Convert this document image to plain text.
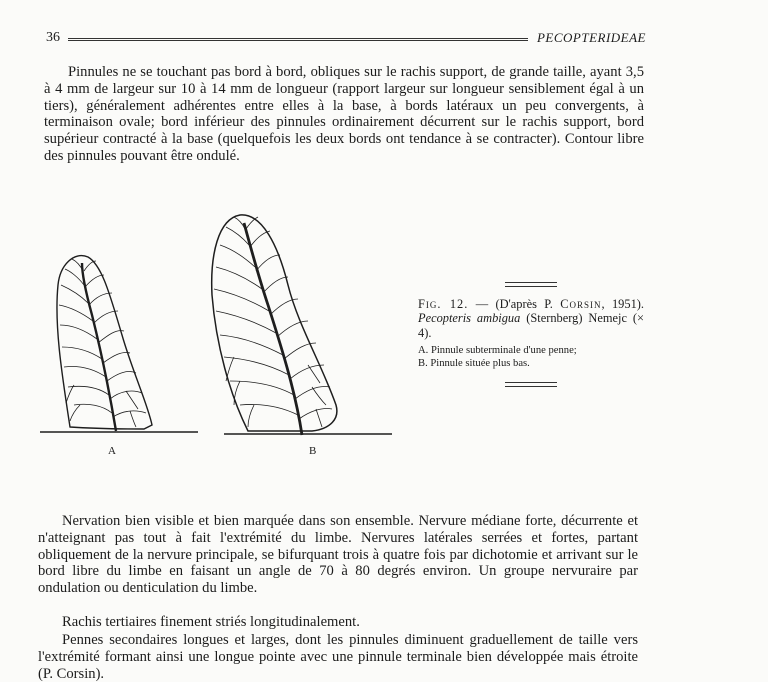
36	PECOPTERIDEAE

Pinnules ne se touchant pas bord à bord, obliques sur le rachis support, de grande taille, ayant 3,5 à 4 mm de largeur sur 10 à 14 mm de longueur (rapport largeur sur longueur sensiblement égal à un tiers), généralement adhérentes entre elles à la base, à bords latéraux un peu convergents, à terminaison ovale; bord inférieur des pinnules ordinairement décurrent sur le rachis support, bord supérieur contracté à la base (quelquefois les deux bords ont tendance à se contracter). Contour libre des pinnules pouvant être ondulé.

A	B
Fig. 12. — (D'après P. Corsin, 1951). Pecopteris ambigua (Sternberg) Nemejc (× 4).
A. Pinnule subterminale d'une penne;
B. Pinnule située plus bas.

Nervation bien visible et bien marquée dans son ensemble. Nervure médiane forte, décurrente et n'atteignant pas tout à fait l'extrémité du limbe. Nervures latérales serrées et fortes, partant obliquement de la nervure principale, se bifurquant trois à quatre fois par dichotomie et arrivant sur le bord libre du limbe en faisant un angle de 70 à 80 degrés environ. Un groupe nervuraire par ondulation ou denticulation du limbe.

Rachis tertiaires finement striés longitudinalement.

Pennes secondaires longues et larges, dont les pinnules diminuent graduellement de taille vers l'extrémité formant ainsi une longue pointe avec une pinnule terminale bien développée mais étroite (P. Corsin).
